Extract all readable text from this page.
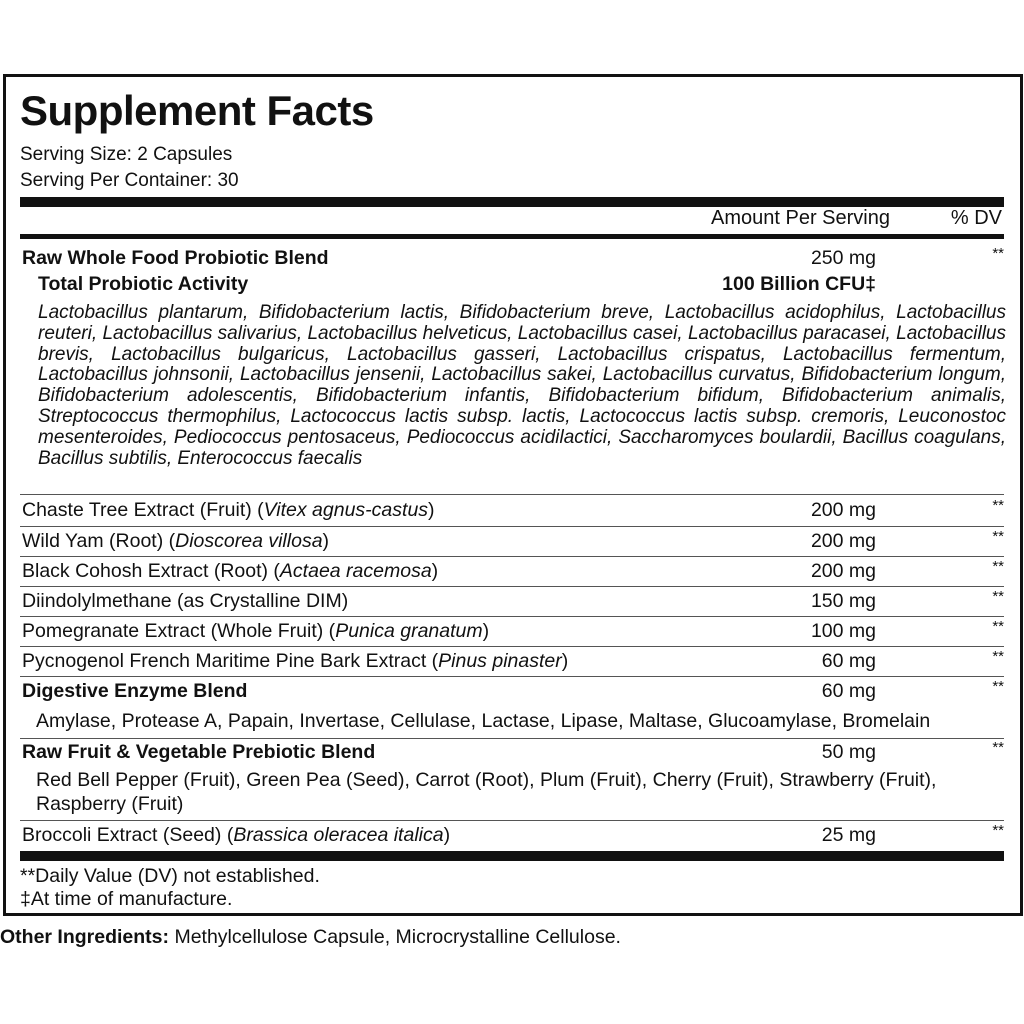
Supplement Facts
Serving Size: 2 Capsules
Serving Per Container: 30
Amount Per Serving	% DV
Raw Whole Food Probiotic Blend	250 mg	**
Total Probiotic Activity	100 Billion CFU‡
Lactobacillus plantarum, Bifidobacterium lactis, Bifidobacterium breve, Lactobacillus acidophilus, Lactobacillus reuteri, Lactobacillus salivarius, Lactobacillus helveticus, Lactobacillus casei, Lactobacillus paracasei, Lactobacillus brevis, Lactobacillus bulgaricus, Lactobacillus gasseri, Lactobacillus crispatus, Lactobacillus fermentum, Lactobacillus johnsonii, Lactobacillus jensenii, Lactobacillus sakei, Lactobacillus curvatus, Bifidobacterium longum, Bifidobacterium adolescentis, Bifidobacterium infantis, Bifidobacterium bifidum, Bifidobacterium animalis, Streptococcus thermophilus, Lactococcus lactis subsp. lactis, Lactococcus lactis subsp. cremoris, Leuconostoc mesenteroides, Pediococcus pentosaceus, Pediococcus acidilactici, Saccharomyces boulardii, Bacillus coagulans, Bacillus subtilis, Enterococcus faecalis
Chaste Tree Extract (Fruit) (Vitex agnus-castus)	200 mg	**
Wild Yam (Root) (Dioscorea villosa)	200 mg	**
Black Cohosh Extract (Root) (Actaea racemosa)	200 mg	**
Diindolylmethane (as Crystalline DIM)	150 mg	**
Pomegranate Extract (Whole Fruit) (Punica granatum)	100 mg	**
Pycnogenol French Maritime Pine Bark Extract (Pinus pinaster)	60 mg	**
Digestive Enzyme Blend	60 mg	**
Amylase, Protease A, Papain, Invertase, Cellulase, Lactase, Lipase, Maltase, Glucoamylase, Bromelain
Raw Fruit & Vegetable Prebiotic Blend	50 mg	**
Red Bell Pepper (Fruit), Green Pea (Seed), Carrot (Root), Plum (Fruit), Cherry (Fruit), Strawberry (Fruit), Raspberry (Fruit)
Broccoli Extract (Seed) (Brassica oleracea italica)	25 mg	**
**Daily Value (DV) not established.
‡At time of manufacture.
Other Ingredients: Methylcellulose Capsule, Microcrystalline Cellulose.
